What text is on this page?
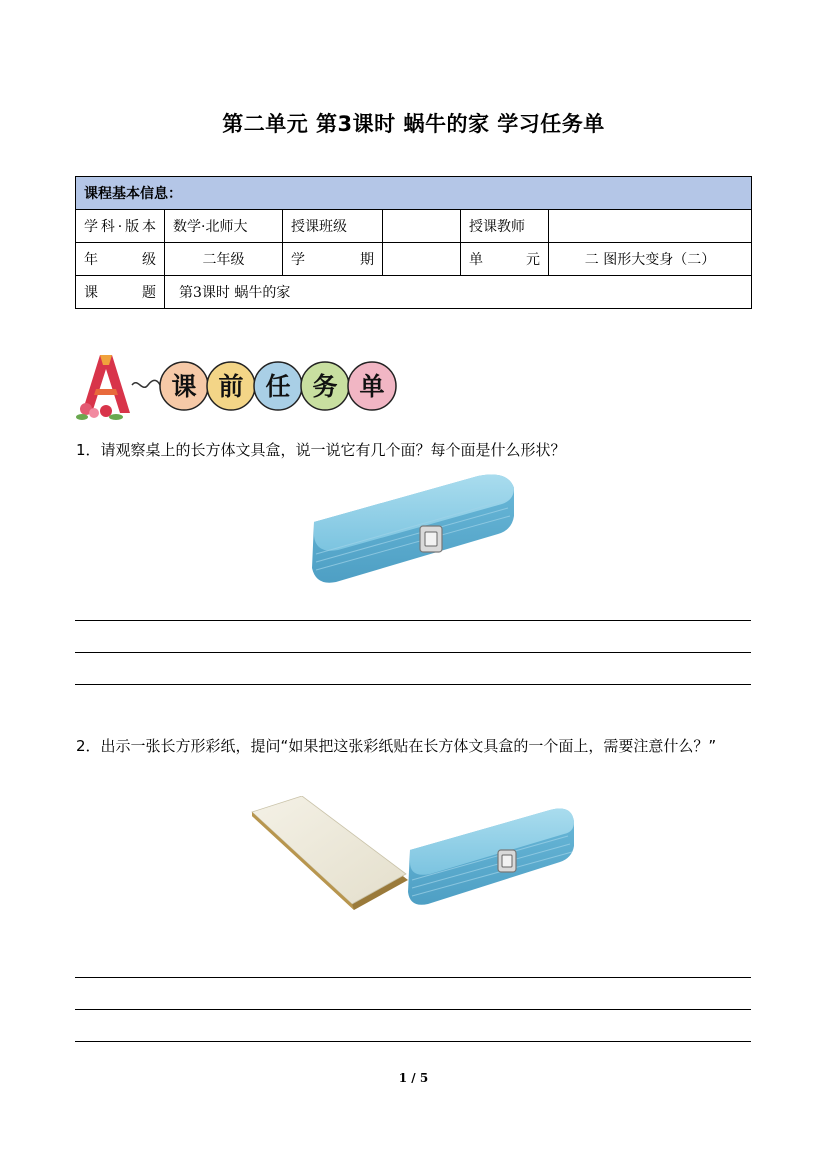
第二单元 第3课时 蜗牛的家 学习任务单
课程基本信息：					
学科·版本	数学·北师大	授课班级		授课教师	
年　级	二年级	学　期		单　元	二 图形大变身（二）
课　题	第3课时 蜗牛的家				
A	课 前 任 务 单
1．请观察桌上的长方体文具盒，说一说它有几个面？每个面是什么形状？
2．出示一张长方形彩纸，提问“如果把这张彩纸贴在长方体文具盒的一个面上，需要注意什么？”
1 / 5
